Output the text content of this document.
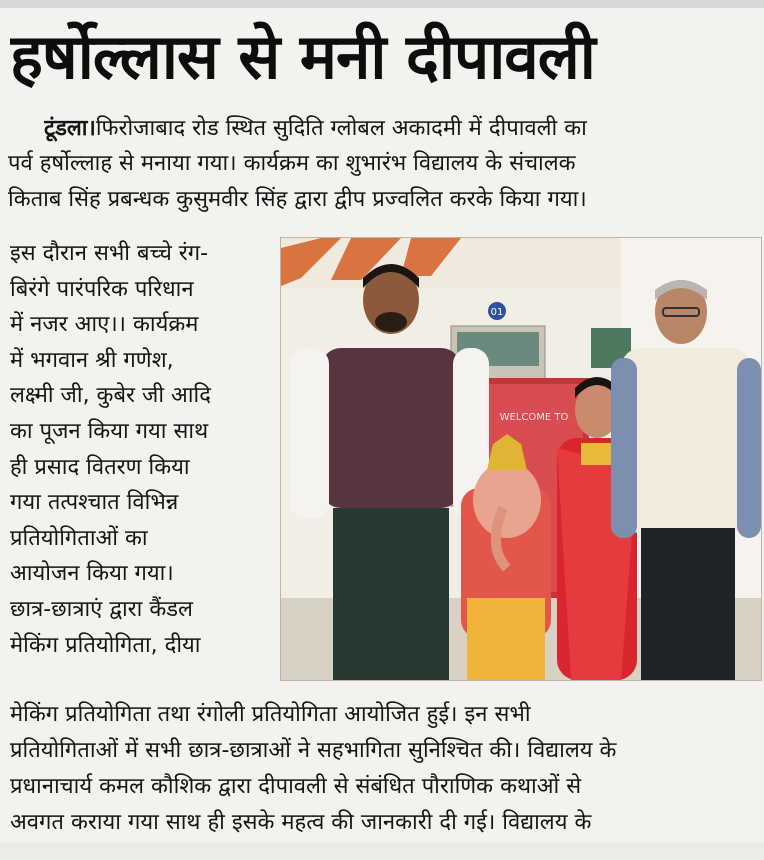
हर्षोल्लास से मनी दीपावली
टूंडला।फिरोजाबाद रोड स्थित सुदिति ग्लोबल अकादमी में दीपावली का
पर्व हर्षोल्लाह से मनाया गया। कार्यक्रम का शुभारंभ विद्यालय के संचालक
किताब सिंह प्रबन्धक कुसुमवीर सिंह द्वारा द्वीप प्रज्वलित करके किया गया।
इस दौरान सभी बच्चे रंग-
बिरंगे पारंपरिक परिधान
में नजर आए।। कार्यक्रम
में भगवान श्री गणेश,
लक्ष्मी जी, कुबेर जी आदि
का पूजन किया गया साथ
ही प्रसाद वितरण किया
गया तत्पश्चात विभिन्न
प्रतियोगिताओं का
आयोजन किया गया।
छात्र-छात्राएं द्वारा कैंडल
मेकिंग प्रतियोगिता, दीया
01
WELCOME TO
मेकिंग प्रतियोगिता तथा रंगोली प्रतियोगिता आयोजित हुई। इन सभी
प्रतियोगिताओं में सभी छात्र-छात्राओं ने सहभागिता सुनिश्चित की। विद्यालय के
प्रधानाचार्य कमल कौशिक द्वारा दीपावली से संबंधित पौराणिक कथाओं से
अवगत कराया गया साथ ही इसके महत्व की जानकारी दी गई। विद्यालय के
